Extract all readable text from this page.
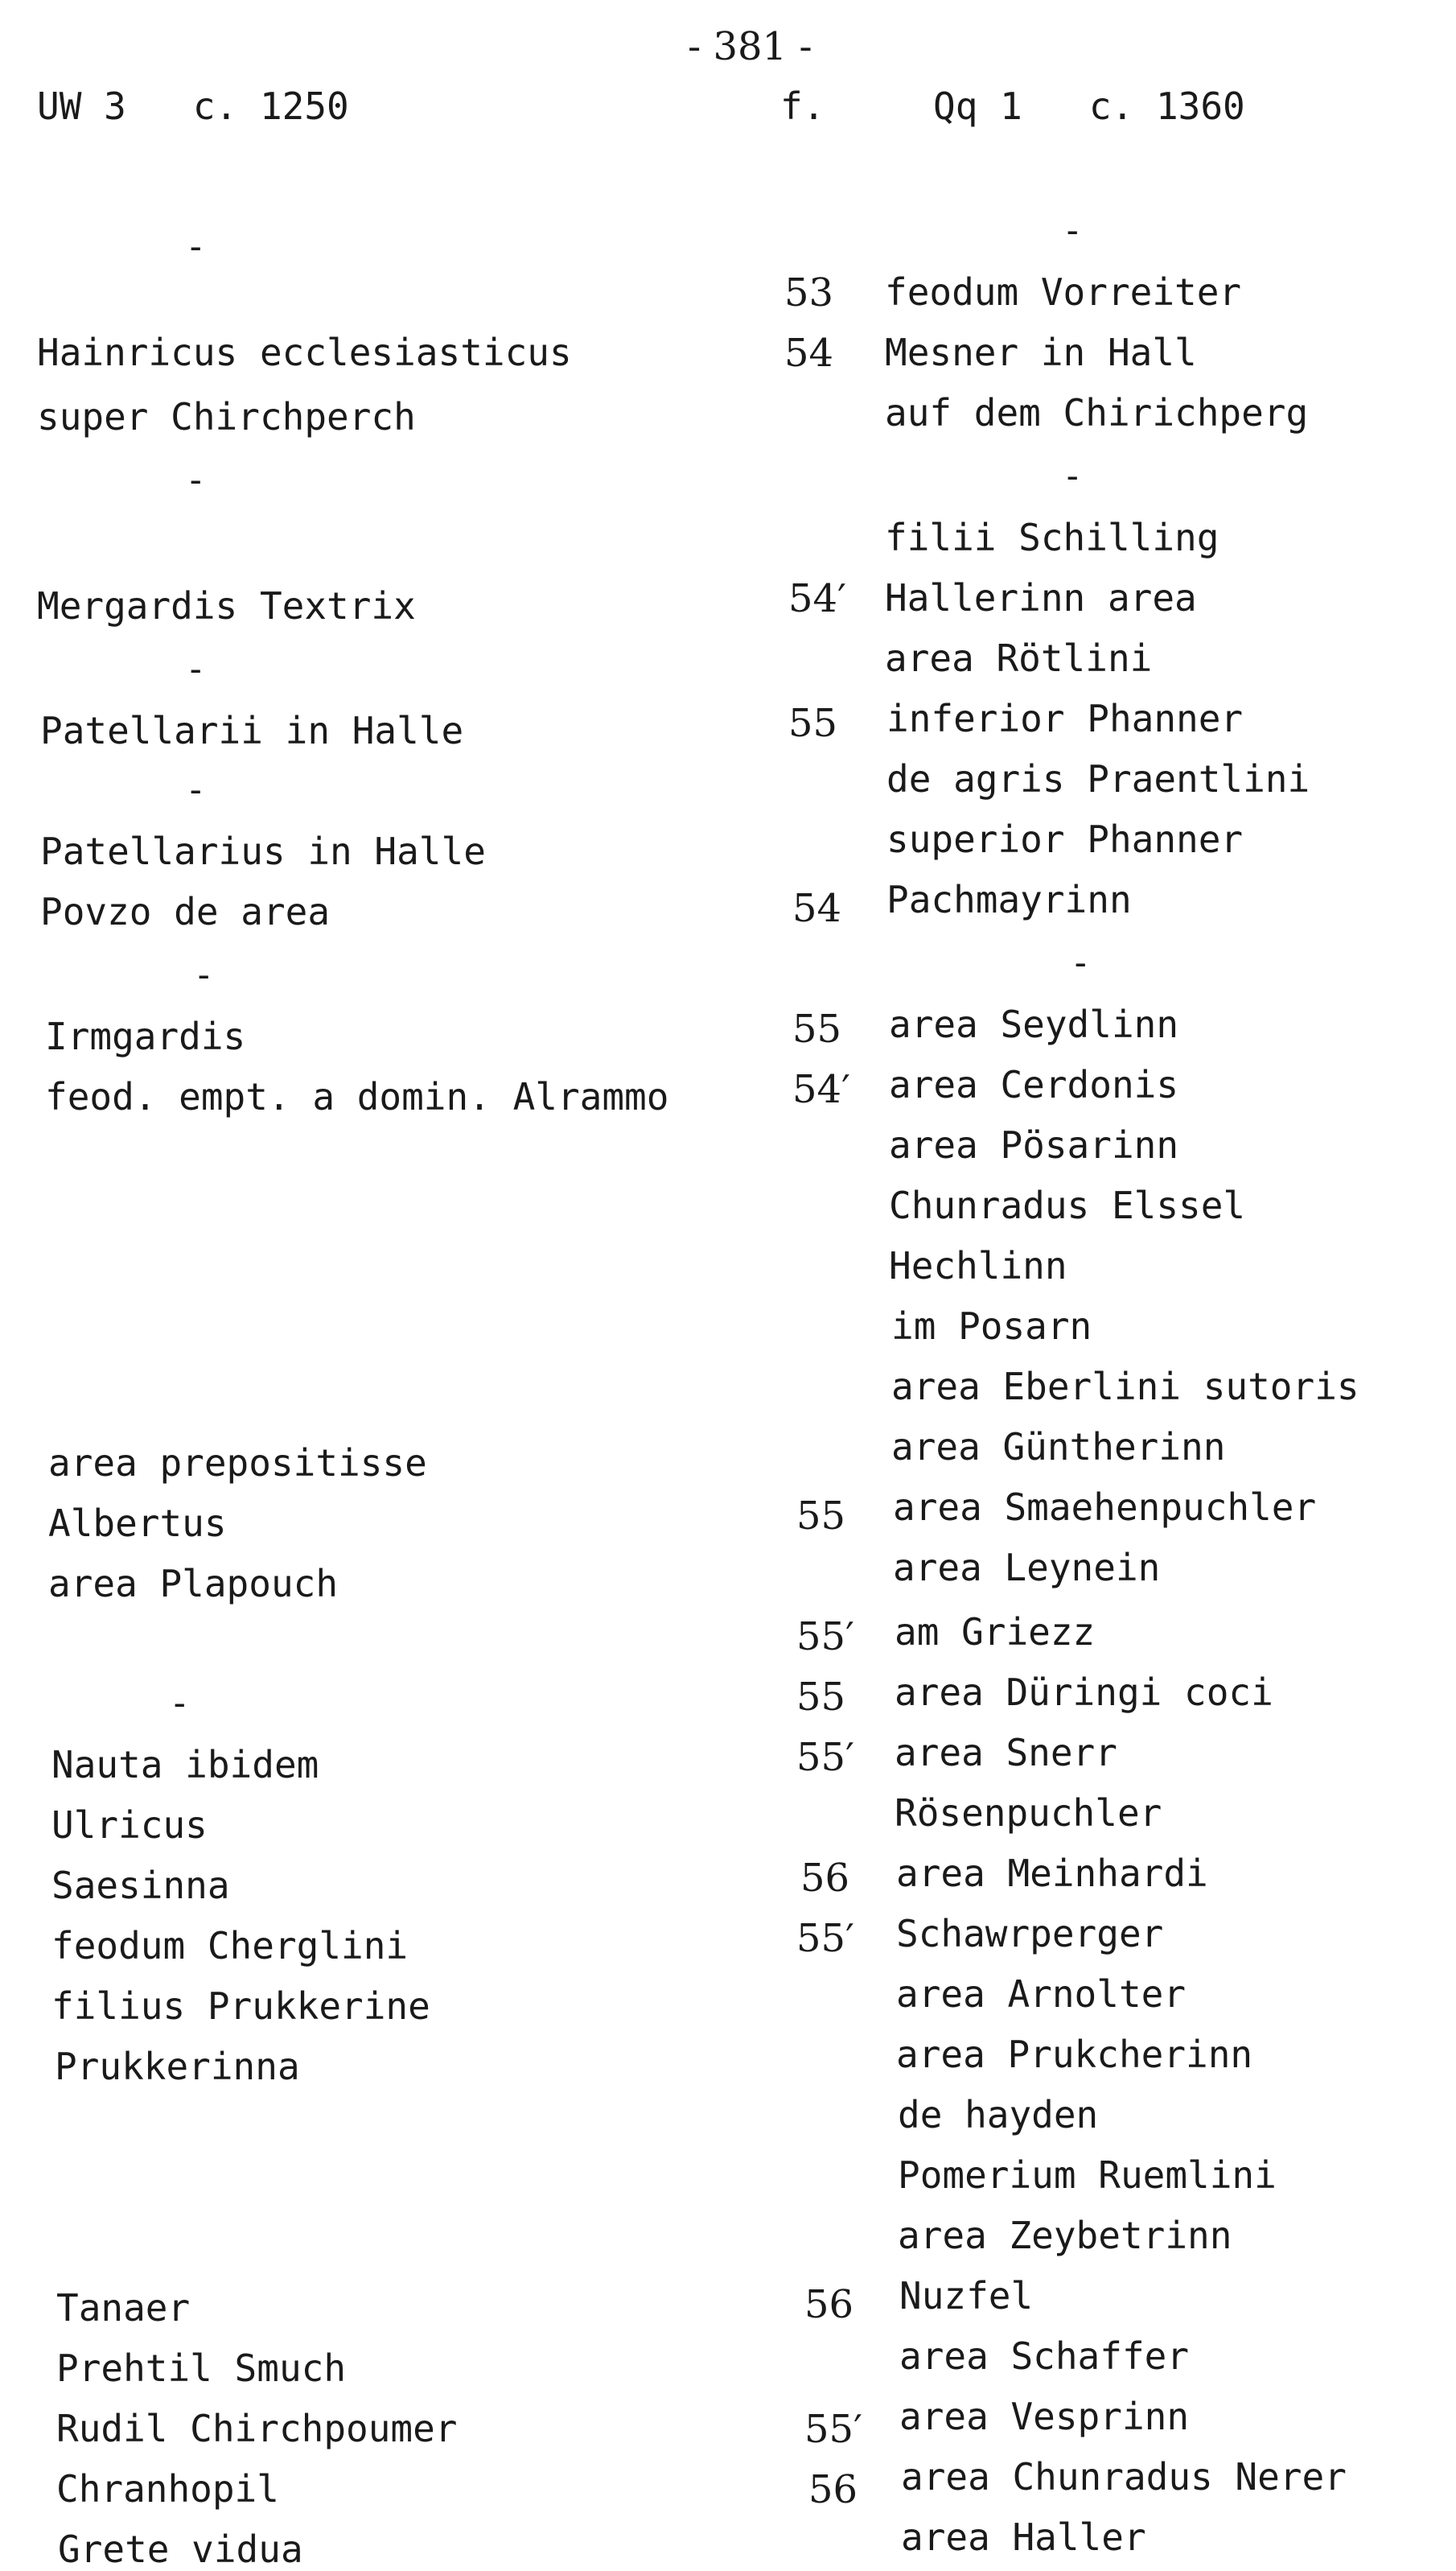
- 381 -
UW 3   c. 1250	f.	Qq 1   c. 1360
-
Hainricus ecclesiasticus
super Chirchperch
-
Mergardis Textrix
-
Patellarii in Halle
-
Patellarius in Halle
Povzo de area
-
Irmgardis
feod. empt. a domin. Alrammo
area prepositisse
Albertus
area Plapouch
-
Nauta ibidem
Ulricus
Saesinna
feodum Cherglini
filius Prukkerine
Prukkerinna
Tanaer
Prehtil Smuch
Rudil Chirchpoumer
Chranhopil
Grete vidua
53
54
54′
55
54
55
54′
55
55′
55
55′
56
55′
56
55′
56
-
feodum Vorreiter
Mesner in Hall
auf dem Chirichperg
-
filii Schilling
Hallerinn area
area Rötlini
inferior Phanner
de agris Praentlini
superior Phanner
Pachmayrinn
-
area Seydlinn
area Cerdonis
area Pösarinn
Chunradus Elssel
Hechlinn
im Posarn
area Eberlini sutoris
area Güntherinn
area Smaehenpuchler
area Leynein
am Griezz
area Düringi coci
area Snerr
Rösenpuchler
area Meinhardi
Schawrperger
area Arnolter
area Prukcherinn
de hayden
Pomerium Ruemlini
area Zeybetrinn
Nuzfel
area Schaffer
area Vesprinn
area Chunradus Nerer
area Haller
